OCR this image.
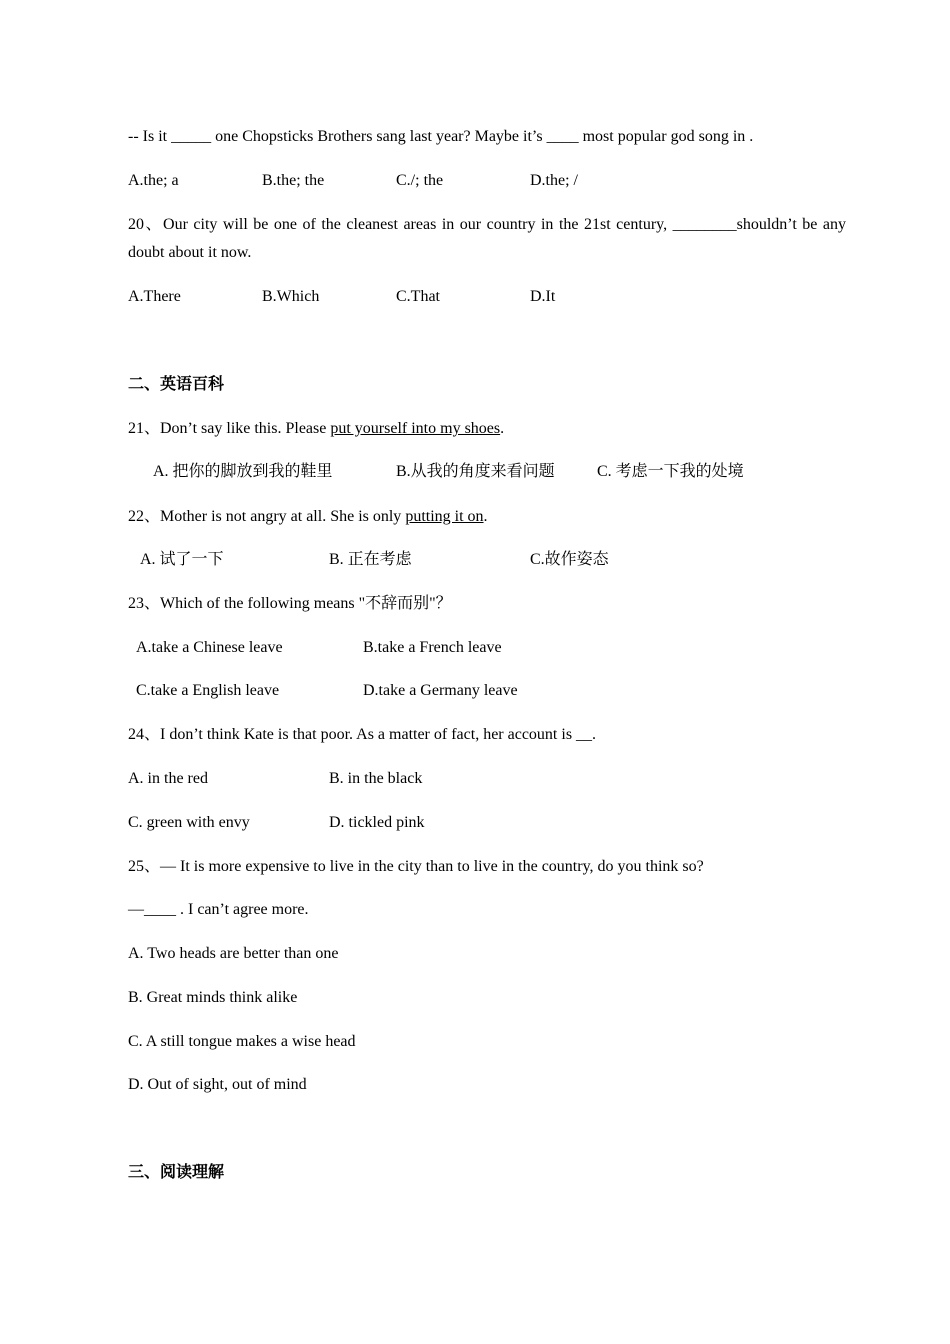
-- Is it _____ one Chopsticks Brothers sang last year? Maybe it’s ____ most popular god song in .
A.the; a	B.the; the	C./; the	D.the; /
20、Our city will be one of the cleanest areas in our country in the 21st century, ________shouldn’t be any doubt about it now.
A.There	B.Which	C.That	D.It
二、英语百科
21、Don’t say like this. Please put yourself into my shoes.
A. 把你的脚放到我的鞋里	B.从我的角度来看问题	C. 考虑一下我的处境
22、Mother is not angry at all. She is only putting it on.
A. 试了一下	B. 正在考虑	C.故作姿态
23、Which of the following means "不辞而别"？
A.take a Chinese leave	B.take a French leave
C.take a English leave	D.take a Germany leave
24、I don’t think Kate is that poor. As a matter of fact, her account is __.
A. in the red	B. in the black
C. green with envy	D. tickled pink
25、— It is more expensive to live in the city than to live in the country, do you think so?
—____ . I can’t agree more.
A. Two heads are better than one
B. Great minds think alike
C. A still tongue makes a wise head
D. Out of sight, out of mind
三、阅读理解
